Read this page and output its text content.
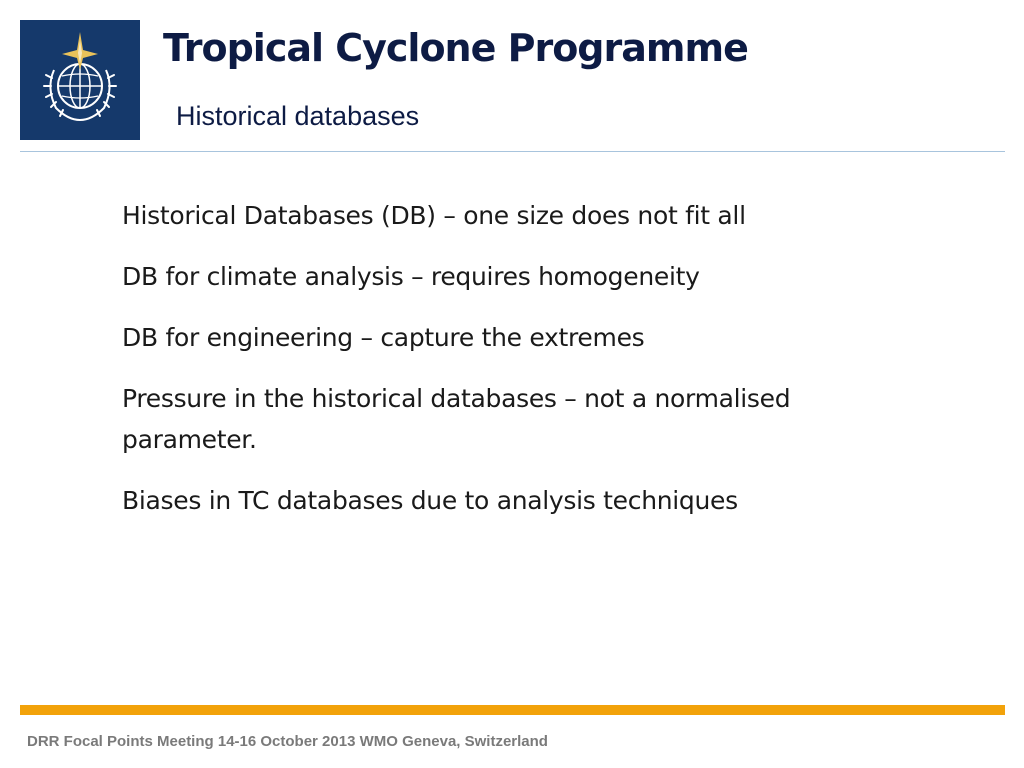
Tropical Cyclone Programme
Historical databases
Historical Databases (DB) – one size does not fit all
DB for climate analysis – requires homogeneity
DB for engineering – capture the extremes
Pressure in the historical databases – not a normalised parameter.
Biases in TC databases due to analysis techniques
DRR Focal Points Meeting 14-16 October 2013 WMO Geneva, Switzerland
